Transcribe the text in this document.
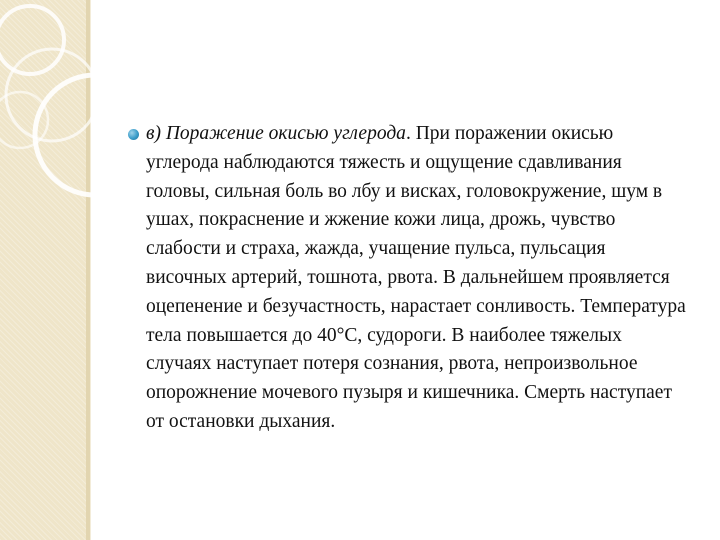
в) Поражение окисью углерода. При поражении окисью углерода наблюдаются тяжесть и ощущение сдавливания головы, сильная боль во лбу и висках, головокружение, шум в ушах, покраснение и жжение кожи лица, дрожь, чувство слабости и страха, жажда, учащение пульса, пульсация височных артерий, тошнота, рвота. В дальнейшем проявляется оцепенение и безучастность, нарастает сонливость. Температура тела повышается до 40°С, судороги. В наиболее тяжелых случаях наступает потеря сознания, рвота, непроизвольное опорожнение мочевого пузыря и кишечника. Смерть наступает от остановки дыхания.
